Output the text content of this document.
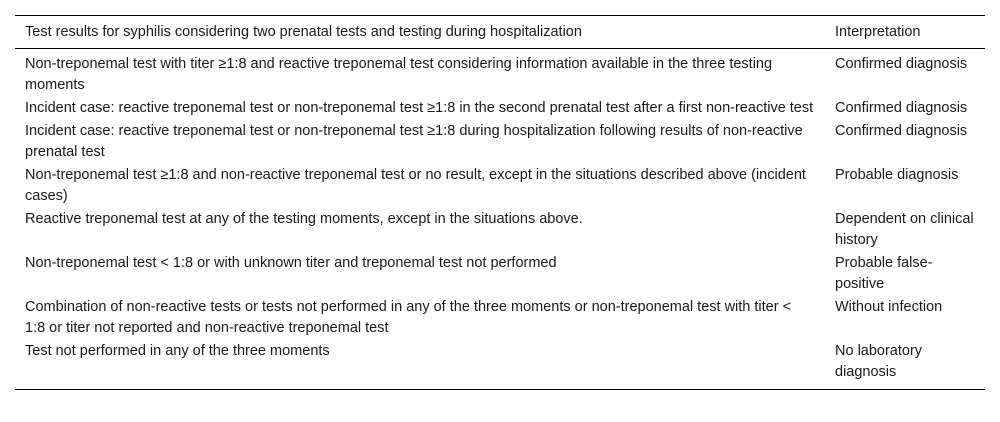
Test results for syphilis considering two prenatal tests and testing during hospitalization	Interpretation
Non-treponemal test with titer ≥1:8 and reactive treponemal test considering information available in the three testing moments	Confirmed diagnosis
Incident case: reactive treponemal test or non-treponemal test ≥1:8 in the second prenatal test after a first non-reactive test	Confirmed diagnosis
Incident case: reactive treponemal test or non-treponemal test ≥1:8 during hospitalization following results of non-reactive prenatal test	Confirmed diagnosis
Non-treponemal test ≥1:8 and non-reactive treponemal test or no result, except in the situations described above (incident cases)	Probable diagnosis
Reactive treponemal test at any of the testing moments, except in the situations above.	Dependent on clinical history
Non-treponemal test < 1:8 or with unknown titer and treponemal test not performed	Probable false-positive
Combination of non-reactive tests or tests not performed in any of the three moments or non-treponemal test with titer < 1:8 or titer not reported and non-reactive treponemal test	Without infection
Test not performed in any of the three moments	No laboratory diagnosis
